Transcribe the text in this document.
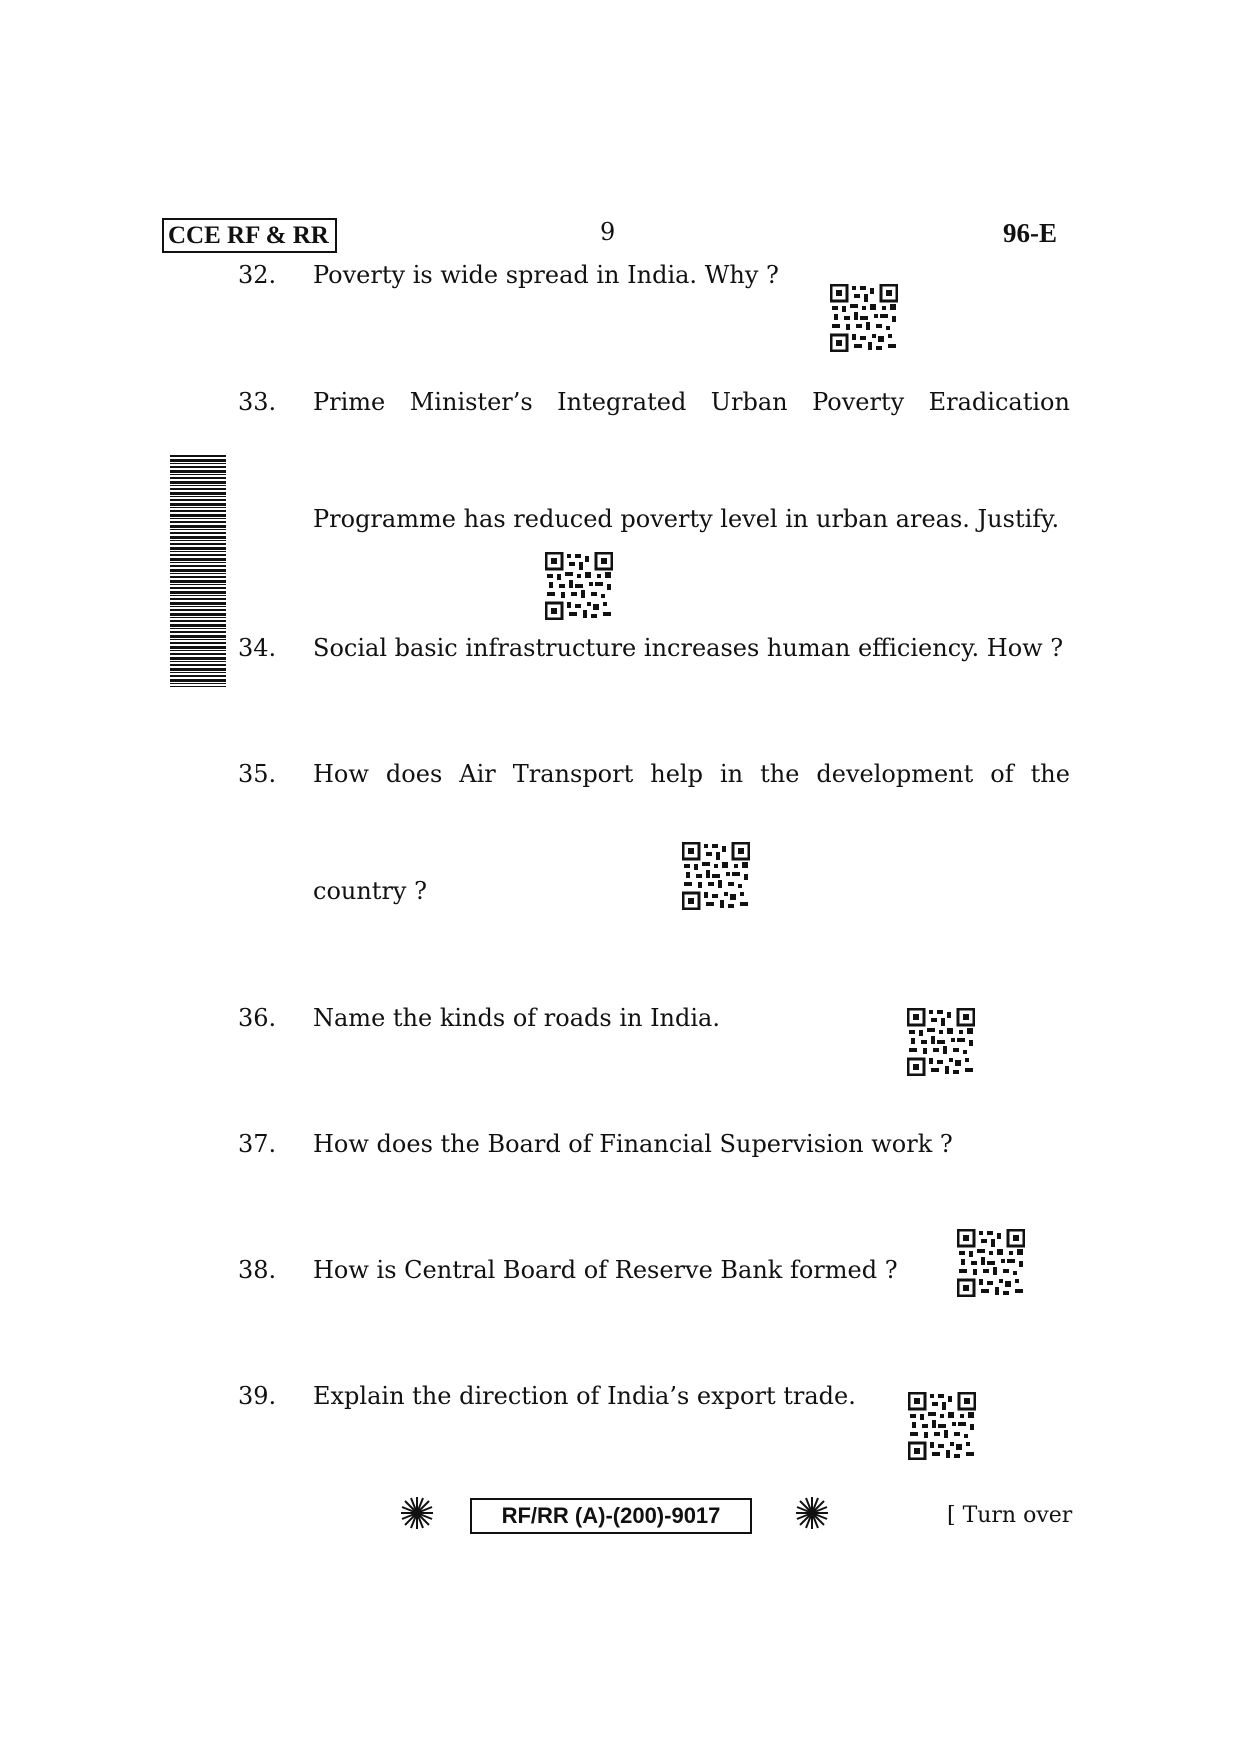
CCE RF & RR	9	96-E
32. Poverty is wide spread in India. Why ?
33. Prime Minister’s Integrated Urban Poverty Eradication
Programme has reduced poverty level in urban areas. Justify.
34. Social basic infrastructure increases human efficiency. How ?
35. How does Air Transport help in the development of the
country ?
36. Name the kinds of roads in India.
37. How does the Board of Financial Supervision work ?
38. How is Central Board of Reserve Bank formed ?
39. Explain the direction of India’s export trade.
RF/RR (A)-(200)-9017	[ Turn over
